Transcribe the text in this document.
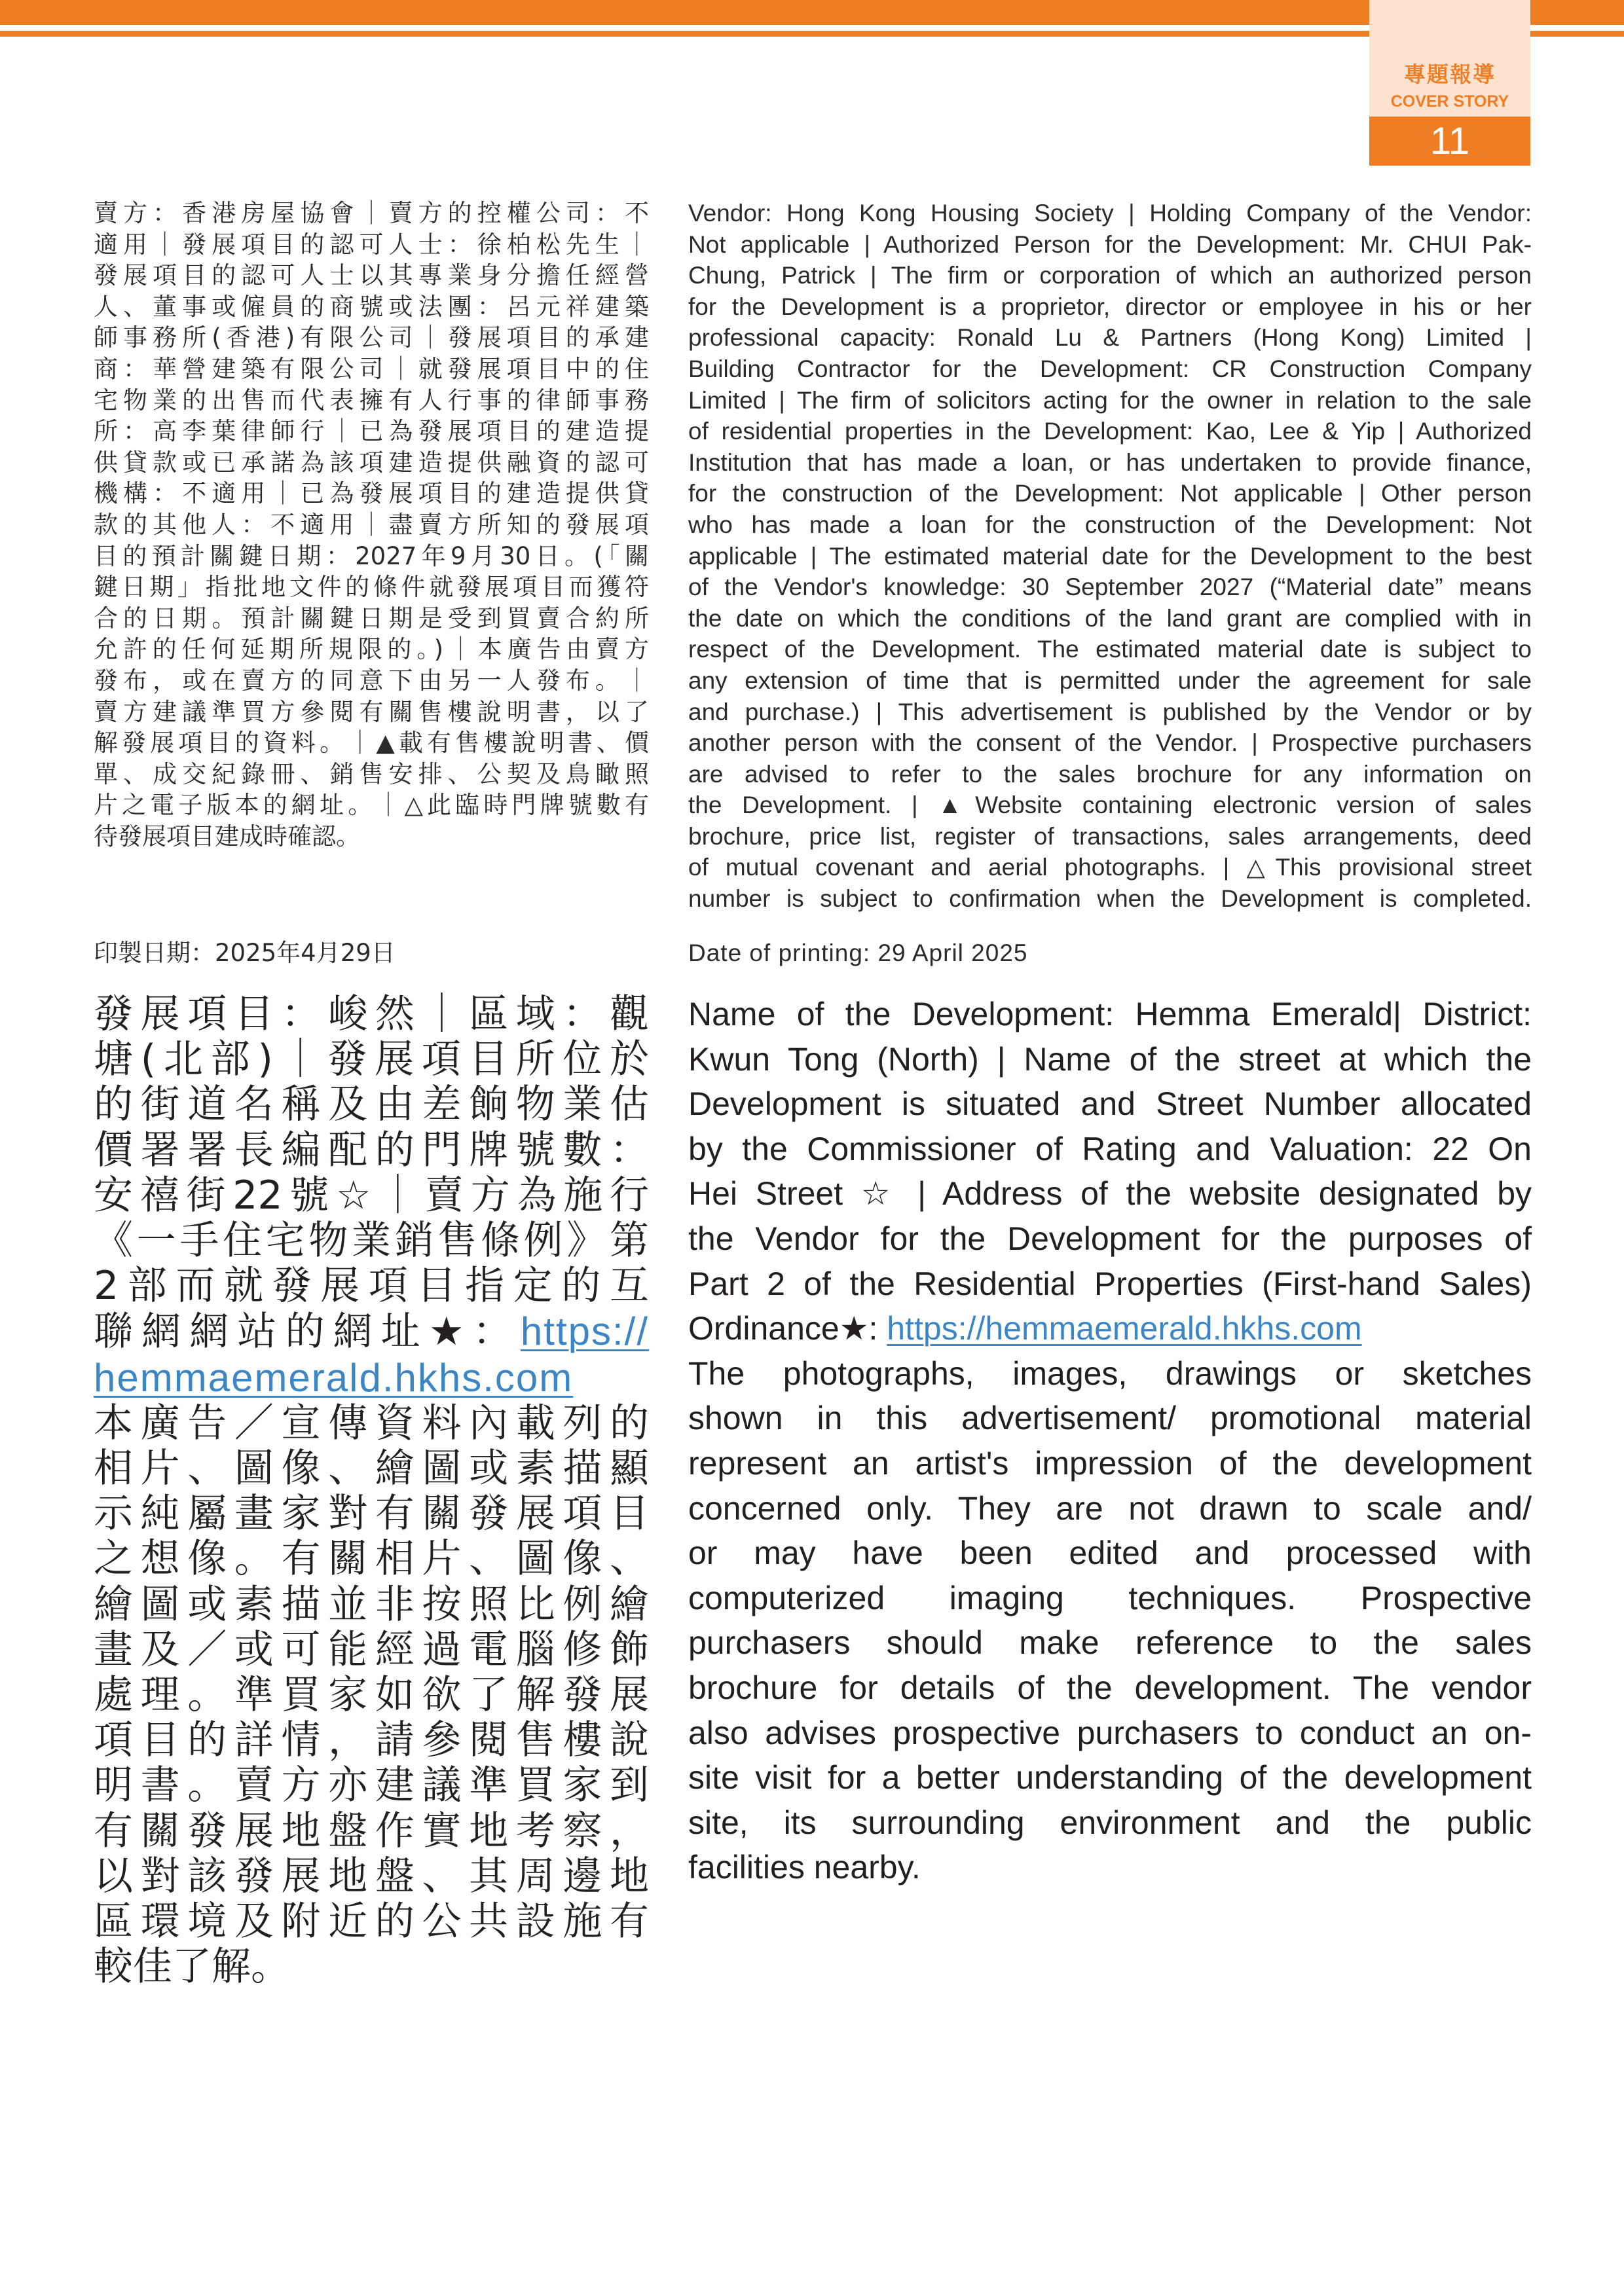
專題報導
COVER STORY
11
賣方：香港房屋協會｜賣方的控權公司：不
適用｜發展項目的認可人士：徐柏松先生｜
發展項目的認可人士以其專業身分擔任經營
人、董事或僱員的商號或法團：呂元祥建築
師事務所(香港)有限公司｜發展項目的承建
商：華營建築有限公司｜就發展項目中的住
宅物業的出售而代表擁有人行事的律師事務
所：高李葉律師行｜已為發展項目的建造提
供貸款或已承諾為該項建造提供融資的認可
機構：不適用｜已為發展項目的建造提供貸
款的其他人：不適用｜盡賣方所知的發展項
目的預計關鍵日期：2027年9月30日。(「關
鍵日期」指批地文件的條件就發展項目而獲符
合的日期。預計關鍵日期是受到買賣合約所
允許的任何延期所規限的。)｜本廣告由賣方
發布，或在賣方的同意下由另一人發布。｜
賣方建議準買方參閱有關售樓說明書，以了
解發展項目的資料。｜▲載有售樓說明書、價
單、成交紀錄冊、銷售安排、公契及鳥瞰照
片之電子版本的網址。｜△此臨時門牌號數有
待發展項目建成時確認。
Vendor: Hong Kong Housing Society | Holding Company of the Vendor:
Not applicable | Authorized Person for the Development: Mr. CHUI Pak-
Chung, Patrick | The firm or corporation of which an authorized person
for the Development is a proprietor, director or employee in his or her
professional capacity: Ronald Lu & Partners (Hong Kong) Limited |
Building Contractor for the Development: CR Construction Company
Limited | The firm of solicitors acting for the owner in relation to the sale
of residential properties in the Development: Kao, Lee & Yip | Authorized
Institution that has made a loan, or has undertaken to provide finance,
for the construction of the Development: Not applicable | Other person
who has made a loan for the construction of the Development: Not
applicable | The estimated material date for the Development to the best
of the Vendor's knowledge: 30 September 2027 (“Material date” means
the date on which the conditions of the land grant are complied with in
respect of the Development. The estimated material date is subject to
any extension of time that is permitted under the agreement for sale
and purchase.) | This advertisement is published by the Vendor or by
another person with the consent of the Vendor. | Prospective purchasers
are advised to refer to the sales brochure for any information on
the Development. | ▲Website containing electronic version of sales
brochure, price list, register of transactions, sales arrangements, deed
of mutual covenant and aerial photographs. | △This provisional street
number is subject to confirmation when the Development is completed.
印製日期：2025年4月29日	Date of printing: 29 April 2025
發展項目：峻然｜區域：觀
塘(北部)｜發展項目所位於
的街道名稱及由差餉物業估
價署署長編配的門牌號數：
安禧街22號☆｜賣方為施行
《一手住宅物業銷售條例》第
2部而就發展項目指定的互
聯網網站的網址★：https://
hemmaemerald.hkhs.com
本廣告／宣傳資料內載列的
相片、圖像、繪圖或素描顯
示純屬畫家對有關發展項目
之想像。有關相片、圖像、
繪圖或素描並非按照比例繪
畫及／或可能經過電腦修飾
處理。準買家如欲了解發展
項目的詳情，請參閱售樓說
明書。賣方亦建議準買家到
有關發展地盤作實地考察，
以對該發展地盤、其周邊地
區環境及附近的公共設施有
較佳了解。
Name of the Development: Hemma Emerald| District:
Kwun Tong (North) | Name of the street at which the
Development is situated and Street Number allocated
by the Commissioner of Rating and Valuation: 22 On
Hei Street ☆ | Address of the website designated by
the Vendor for the Development for the purposes of
Part 2 of the Residential Properties (First-hand Sales)
Ordinance★: https://hemmaemerald.hkhs.com
The photographs, images, drawings or sketches
shown in this advertisement/ promotional material
represent an artist's impression of the development
concerned only. They are not drawn to scale and/
or may have been edited and processed with
computerized imaging techniques. Prospective
purchasers should make reference to the sales
brochure for details of the development. The vendor
also advises prospective purchasers to conduct an on-
site visit for a better understanding of the development
site, its surrounding environment and the public
facilities nearby.
